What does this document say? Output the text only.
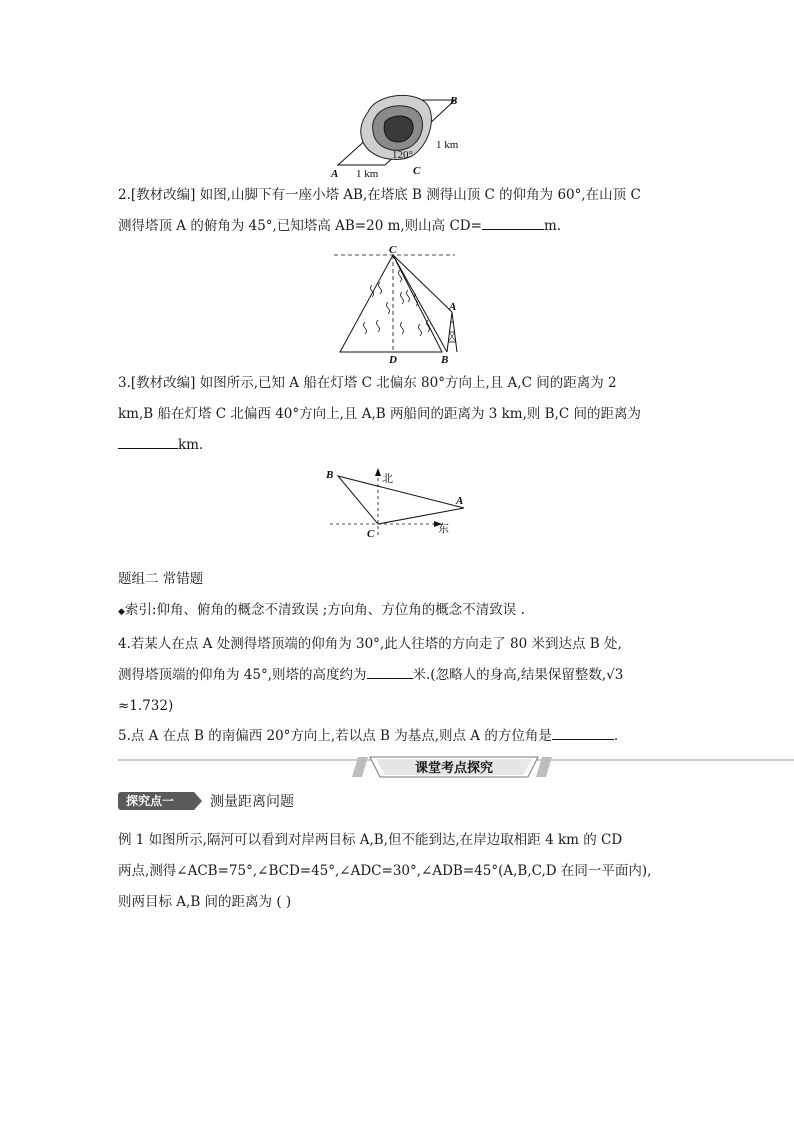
A
B
C
120°
1 km
1 km
2.[教材改编] 如图,山脚下有一座小塔 AB,在塔底 B 测得山顶 C 的仰角为 60°,在山顶 C
测得塔顶 A 的俯角为 45°,已知塔高 AB=20 m,则山高 CD=	m.
C
A
B
D
3.[教材改编] 如图所示,已知 A 船在灯塔 C 北偏东 80°方向上,且 A,C 间的距离为 2
km,B 船在灯塔 C 北偏西 40°方向上,且 A,B 两船间的距离为 3 km,则 B,C 间的距离为
km.
B	北
A
东
C
题组二 常错题
◆索引:仰角、俯角的概念不清致误 ;方向角、方位角的概念不清致误 .
4.若某人在点 A 处测得塔顶端的仰角为 30°,此人往塔的方向走了 80 米到达点 B 处,
测得塔顶端的仰角为 45°,则塔的高度约为	米.(忽略人的身高,结果保留整数,√3
≈1.732)
5.点 A 在点 B 的南偏西 20°方向上,若以点 B 为基点,则点 A 的方位角是	.
课堂考点探究
探究点一	测量距离问题
例 1 如图所示,隔河可以看到对岸两目标 A,B,但不能到达,在岸边取相距 4 km 的 CD
两点,测得∠ACB=75°,∠BCD=45°,∠ADC=30°,∠ADB=45°(A,B,C,D 在同一平面内),
则两目标 A,B 间的距离为 ( )
